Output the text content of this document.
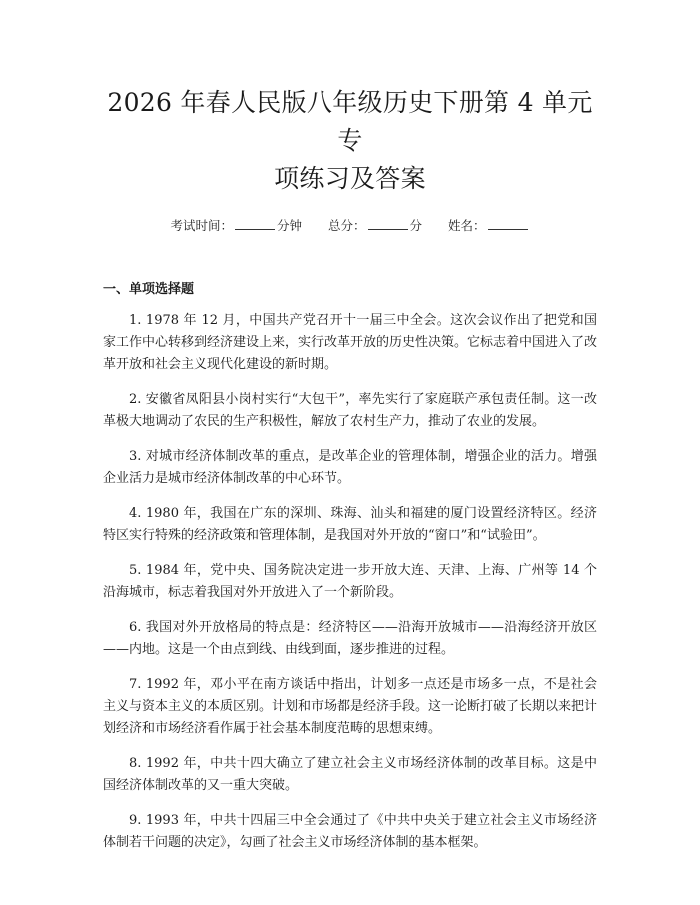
2026 年春人民版八年级历史下册第 4 单元专
项练习及答案
考试时间：	分钟 总分：	分 姓名：
一、单项选择题

1. 1978 年 12 月，中国共产党召开十一届三中全会。这次会议作出了把党和国家工作中心转移到经济建设上来，实行改革开放的历史性决策。它标志着中国进入了改革开放和社会主义现代化建设的新时期。

2. 安徽省凤阳县小岗村实行“大包干”，率先实行了家庭联产承包责任制。这一改革极大地调动了农民的生产积极性，解放了农村生产力，推动了农业的发展。

3. 对城市经济体制改革的重点，是改革企业的管理体制，增强企业的活力。增强企业活力是城市经济体制改革的中心环节。

4. 1980 年，我国在广东的深圳、珠海、汕头和福建的厦门设置经济特区。经济特区实行特殊的经济政策和管理体制，是我国对外开放的“窗口”和“试验田”。

5. 1984 年，党中央、国务院决定进一步开放大连、天津、上海、广州等 14 个沿海城市，标志着我国对外开放进入了一个新阶段。

6. 我国对外开放格局的特点是：经济特区——沿海开放城市——沿海经济开放区——内地。这是一个由点到线、由线到面，逐步推进的过程。

7. 1992 年，邓小平在南方谈话中指出，计划多一点还是市场多一点，不是社会主义与资本主义的本质区别。计划和市场都是经济手段。这一论断打破了长期以来把计划经济和市场经济看作属于社会基本制度范畴的思想束缚。

8. 1992 年，中共十四大确立了建立社会主义市场经济体制的改革目标。这是中国经济体制改革的又一重大突破。

9. 1993 年，中共十四届三中全会通过了《中共中央关于建立社会主义市场经济体制若干问题的决定》，勾画了社会主义市场经济体制的基本框架。
